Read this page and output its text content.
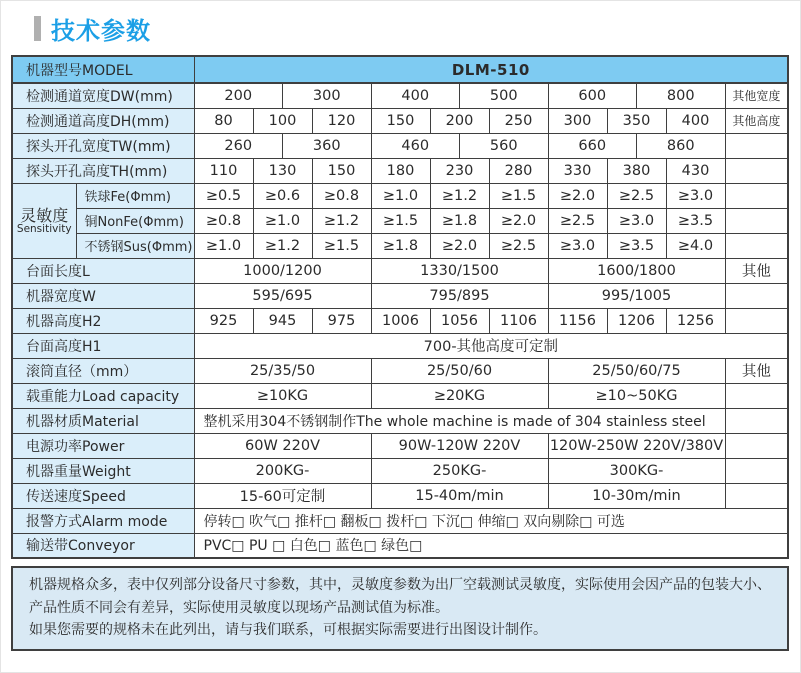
技术参数
机器型号MODEL		DLM-510												
检测通道宽度DW(mm)		200		300		400		500		600		800		其他宽度
检测通道高度DH(mm)		80	100		120	150	200		250	300	350		400	其他高度
探头开孔宽度TW(mm)		260		360		460		560		660		860		
探头开孔高度TH(mm)		110	130		150	180	230		280	330	380		430	

灵敏度
Sensitivity	铁球Fe(Φmm)	≥0.5	≥0.6		≥0.8	≥1.0	≥1.2		≥1.5	≥2.0	≥2.5		≥3.0	
	铜NonFe(Φmm)	≥0.8	≥1.0		≥1.2	≥1.5	≥1.8		≥2.0	≥2.5	≥3.0		≥3.5	
	不锈钢Sus(Φmm)	≥1.0	≥1.2		≥1.5	≥1.8	≥2.0		≥2.5	≥3.0	≥3.5		≥4.0	
台面长度L		1000/1200				1330/1500				1600/1800				其他
机器宽度W		595/695				795/895				995/1005				
机器高度H2		925	945		975	1006	1056		1106	1156	1206		1256	
台面高度H1		700-其他高度可定制												
滚筒直径（mm）		25/35/50				25/50/60				25/50/60/75				其他
载重能力Load capacity		≥10KG				≥20KG				≥10~50KG				
机器材质Material		整机采用304不锈钢制作The whole machine is made of 304 stainless steel												
电源功率Power		60W 220V				90W-120W 220V				120W-250W 220V/380V				
机器重量Weight		200KG-				250KG-				300KG-				
传送速度Speed		15-60可定制				15-40m/min				10-30m/min				
报警方式Alarm mode		停转□ 吹气□ 推杆□ 翻板□ 拨杆□ 下沉□ 伸缩□ 双向剔除□ 可选												
输送带Conveyor		PVC□ PU □ 白色□ 蓝色□ 绿色□												

机器规格众多，表中仅列部分设备尺寸参数，其中，灵敏度参数为出厂空载测试灵敏度，实际使用会因产品的包装大小、产品性质不同会有差异，实际使用灵敏度以现场产品测试值为标准。

如果您需要的规格未在此列出，请与我们联系，可根据实际需要进行出图设计制作。
